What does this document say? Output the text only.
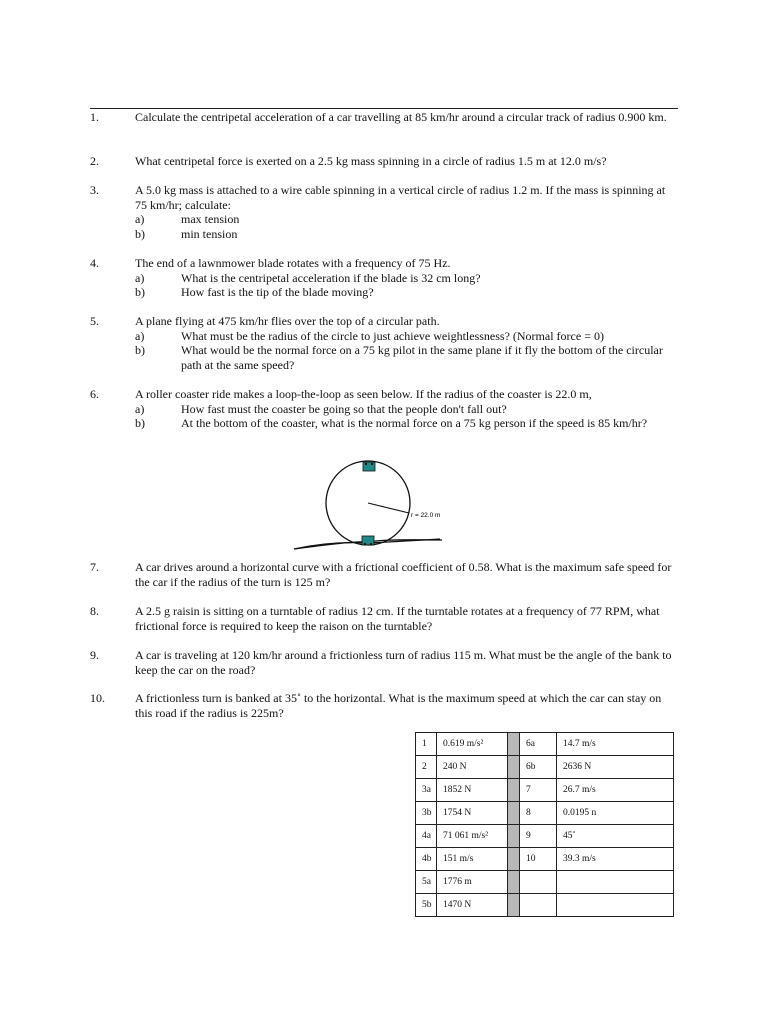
1.	Calculate the centripetal acceleration of a car travelling at 85 km/hr around a circular track of radius 0.900 km.
2.	What centripetal force is exerted on a 2.5 kg mass spinning in a circle of radius 1.5 m at 12.0 m/s?
3.	A 5.0 kg mass is attached to a wire cable spinning in a vertical circle of radius 1.2 m. If the mass is spinning at 75 km/hr; calculate:
a)	max tension
b)	min tension
4.	The end of a lawnmower blade rotates with a frequency of 75 Hz.
a)	What is the centripetal acceleration if the blade is 32 cm long?
b)	How fast is the tip of the blade moving?
5.	A plane flying at 475 km/hr flies over the top of a circular path.
a)	What must be the radius of the circle to just achieve weightlessness? (Normal force = 0)
b)	What would be the normal force on a 75 kg pilot in the same plane if it fly the bottom of the circular path at the same speed?
6.	A roller coaster ride makes a loop-the-loop as seen below. If the radius of the coaster is 22.0 m,
a)	How fast must the coaster be going so that the people don't fall out?
b)	At the bottom of the coaster, what is the normal force on a 75 kg person if the speed is 85 km/hr?
r = 22.0 m
7.	A car drives around a horizontal curve with a frictional coefficient of 0.58. What is the maximum safe speed for the car if the radius of the turn is 125 m?
8.	A 2.5 g raisin is sitting on a turntable of radius 12 cm. If the turntable rotates at a frequency of 77 RPM, what frictional force is required to keep the raison on the turntable?
9.	A car is traveling at 120 km/hr around a frictionless turn of radius 115 m. What must be the angle of the bank to keep the car on the road?
10.	A frictionless turn is banked at 35˚ to the horizontal. What is the maximum speed at which the car can stay on this road if the radius is 225m?
1	0.619 m/s²		6a	14.7 m/s
2	240 N		6b	2636 N
3a	1852 N		7	26.7 m/s
3b	1754 N		8	0.0195 n
4a	71 061 m/s²		9	45˚
4b	151 m/s		10	39.3 m/s
5a	1776 m			
5b	1470 N			
